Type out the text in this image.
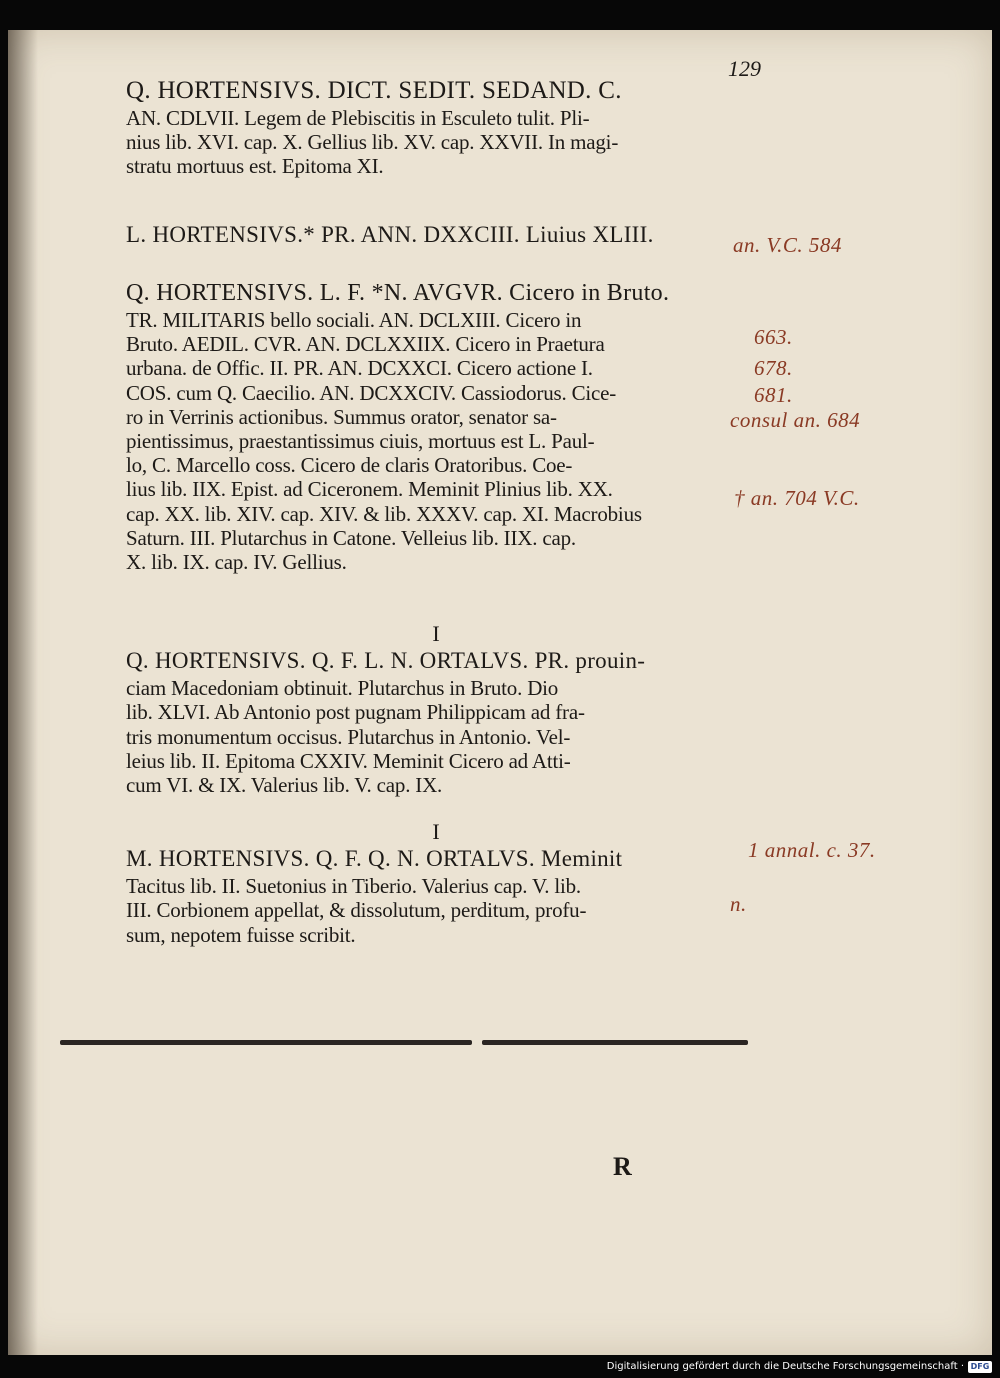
129
Q. HORTENSIVS. DICT. SEDIT. SEDAND. C.
AN. CDLVII. Legem de Plebiscitis in Esculeto tulit. Pli-
nius lib. XVI. cap. X. Gellius lib. XV. cap. XXVII. In magi-
stratu mortuus est. Epitoma XI.
L. HORTENSIVS.* PR. ANN. DXXCIII. Liuius XLIII.
Q. HORTENSIVS. L. F. *N. AVGVR. Cicero in Bruto.
TR. MILITARIS bello sociali. AN. DCLXIII. Cicero in
Bruto. AEDIL. CVR. AN. DCLXXIIX. Cicero in Praetura
urbana. de Offic. II. PR. AN. DCXXCI. Cicero actione I.
COS. cum Q. Caecilio. AN. DCXXCIV. Cassiodorus. Cice-
ro in Verrinis actionibus. Summus orator, senator sa-
pientissimus, praestantissimus ciuis, mortuus est L. Paul-
lo, C. Marcello coss. Cicero de claris Oratoribus. Coe-
lius lib. IIX. Epist. ad Ciceronem. Meminit Plinius lib. XX.
cap. XX. lib. XIV. cap. XIV. & lib. XXXV. cap. XI. Macrobius
Saturn. III. Plutarchus in Catone. Velleius lib. IIX. cap.
X. lib. IX. cap. IV. Gellius.
I
Q. HORTENSIVS. Q. F. L. N. ORTALVS. PR. prouin-
ciam Macedoniam obtinuit. Plutarchus in Bruto. Dio
lib. XLVI. Ab Antonio post pugnam Philippicam ad fra-
tris monumentum occisus. Plutarchus in Antonio. Vel-
leius lib. II. Epitoma CXXIV. Meminit Cicero ad Atti-
cum VI. & IX. Valerius lib. V. cap. IX.
I
M. HORTENSIVS. Q. F. Q. N. ORTALVS. Meminit
Tacitus lib. II. Suetonius in Tiberio. Valerius cap. V. lib.
III. Corbionem appellat, & dissolutum, perditum, profu-
sum, nepotem fuisse scribit.
an. V.C. 584
663.
678.
681.
consul an. 684
† an. 704 V.C.
1 annal. c. 37.
n.
R
Digitalisierung gefördert durch die Deutsche Forschungsgemeinschaft · DFG
